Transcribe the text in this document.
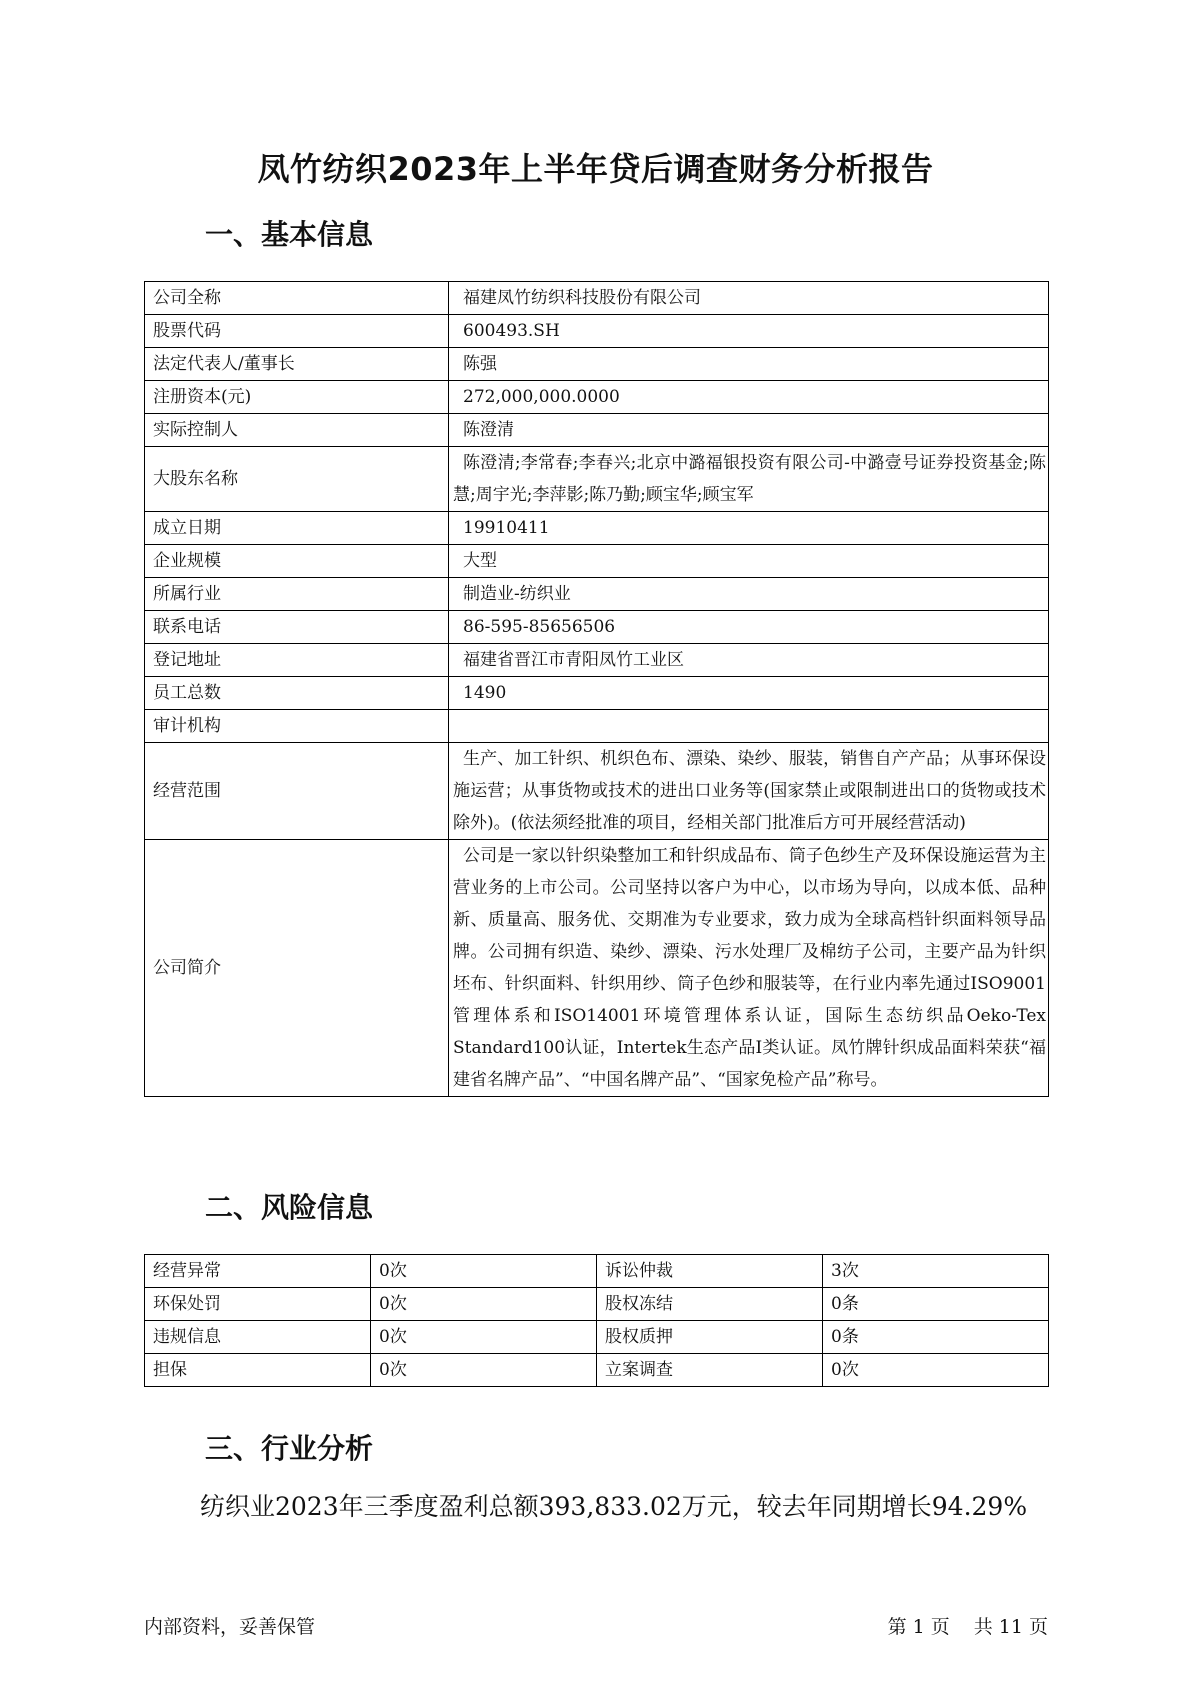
凤竹纺织2023年上半年贷后调查财务分析报告
一、基本信息
公司全称	福建凤竹纺织科技股份有限公司
股票代码	600493.SH
法定代表人/董事长	陈强
注册资本(元)	272,000,000.0000
实际控制人	陈澄清
大股东名称	陈澄清;李常春;李春兴;北京中潞福银投资有限公司-中潞壹号证券投资基金;陈慧;周宇光;李萍影;陈乃勤;顾宝华;顾宝军
成立日期	19910411
企业规模	大型
所属行业	制造业-纺织业
联系电话	86-595-85656506
登记地址	福建省晋江市青阳凤竹工业区
员工总数	1490
审计机构	
经营范围	生产、加工针织、机织色布、漂染、染纱、服装，销售自产产品；从事环保设施运营；从事货物或技术的进出口业务等(国家禁止或限制进出口的货物或技术除外)。(依法须经批准的项目，经相关部门批准后方可开展经营活动)
公司简介	公司是一家以针织染整加工和针织成品布、筒子色纱生产及环保设施运营为主营业务的上市公司。公司坚持以客户为中心，以市场为导向，以成本低、品种新、质量高、服务优、交期准为专业要求，致力成为全球高档针织面料领导品牌。公司拥有织造、染纱、漂染、污水处理厂及棉纺子公司，主要产品为针织坯布、针织面料、针织用纱、筒子色纱和服装等，在行业内率先通过ISO9001管理体系和ISO14001环境管理体系认证，国际生态纺织品Oeko-Tex Standard100认证，Intertek生态产品I类认证。凤竹牌针织成品面料荣获“福建省名牌产品”、“中国名牌产品”、“国家免检产品”称号。
二、风险信息
经营异常	0次	诉讼仲裁	3次
环保处罚	0次	股权冻结	0条
违规信息	0次	股权质押	0条
担保	0次	立案调查	0次
三、行业分析
纺织业2023年三季度盈利总额393,833.02万元，较去年同期增长94.29%
内部资料，妥善保管	第 1 页 共 11 页
